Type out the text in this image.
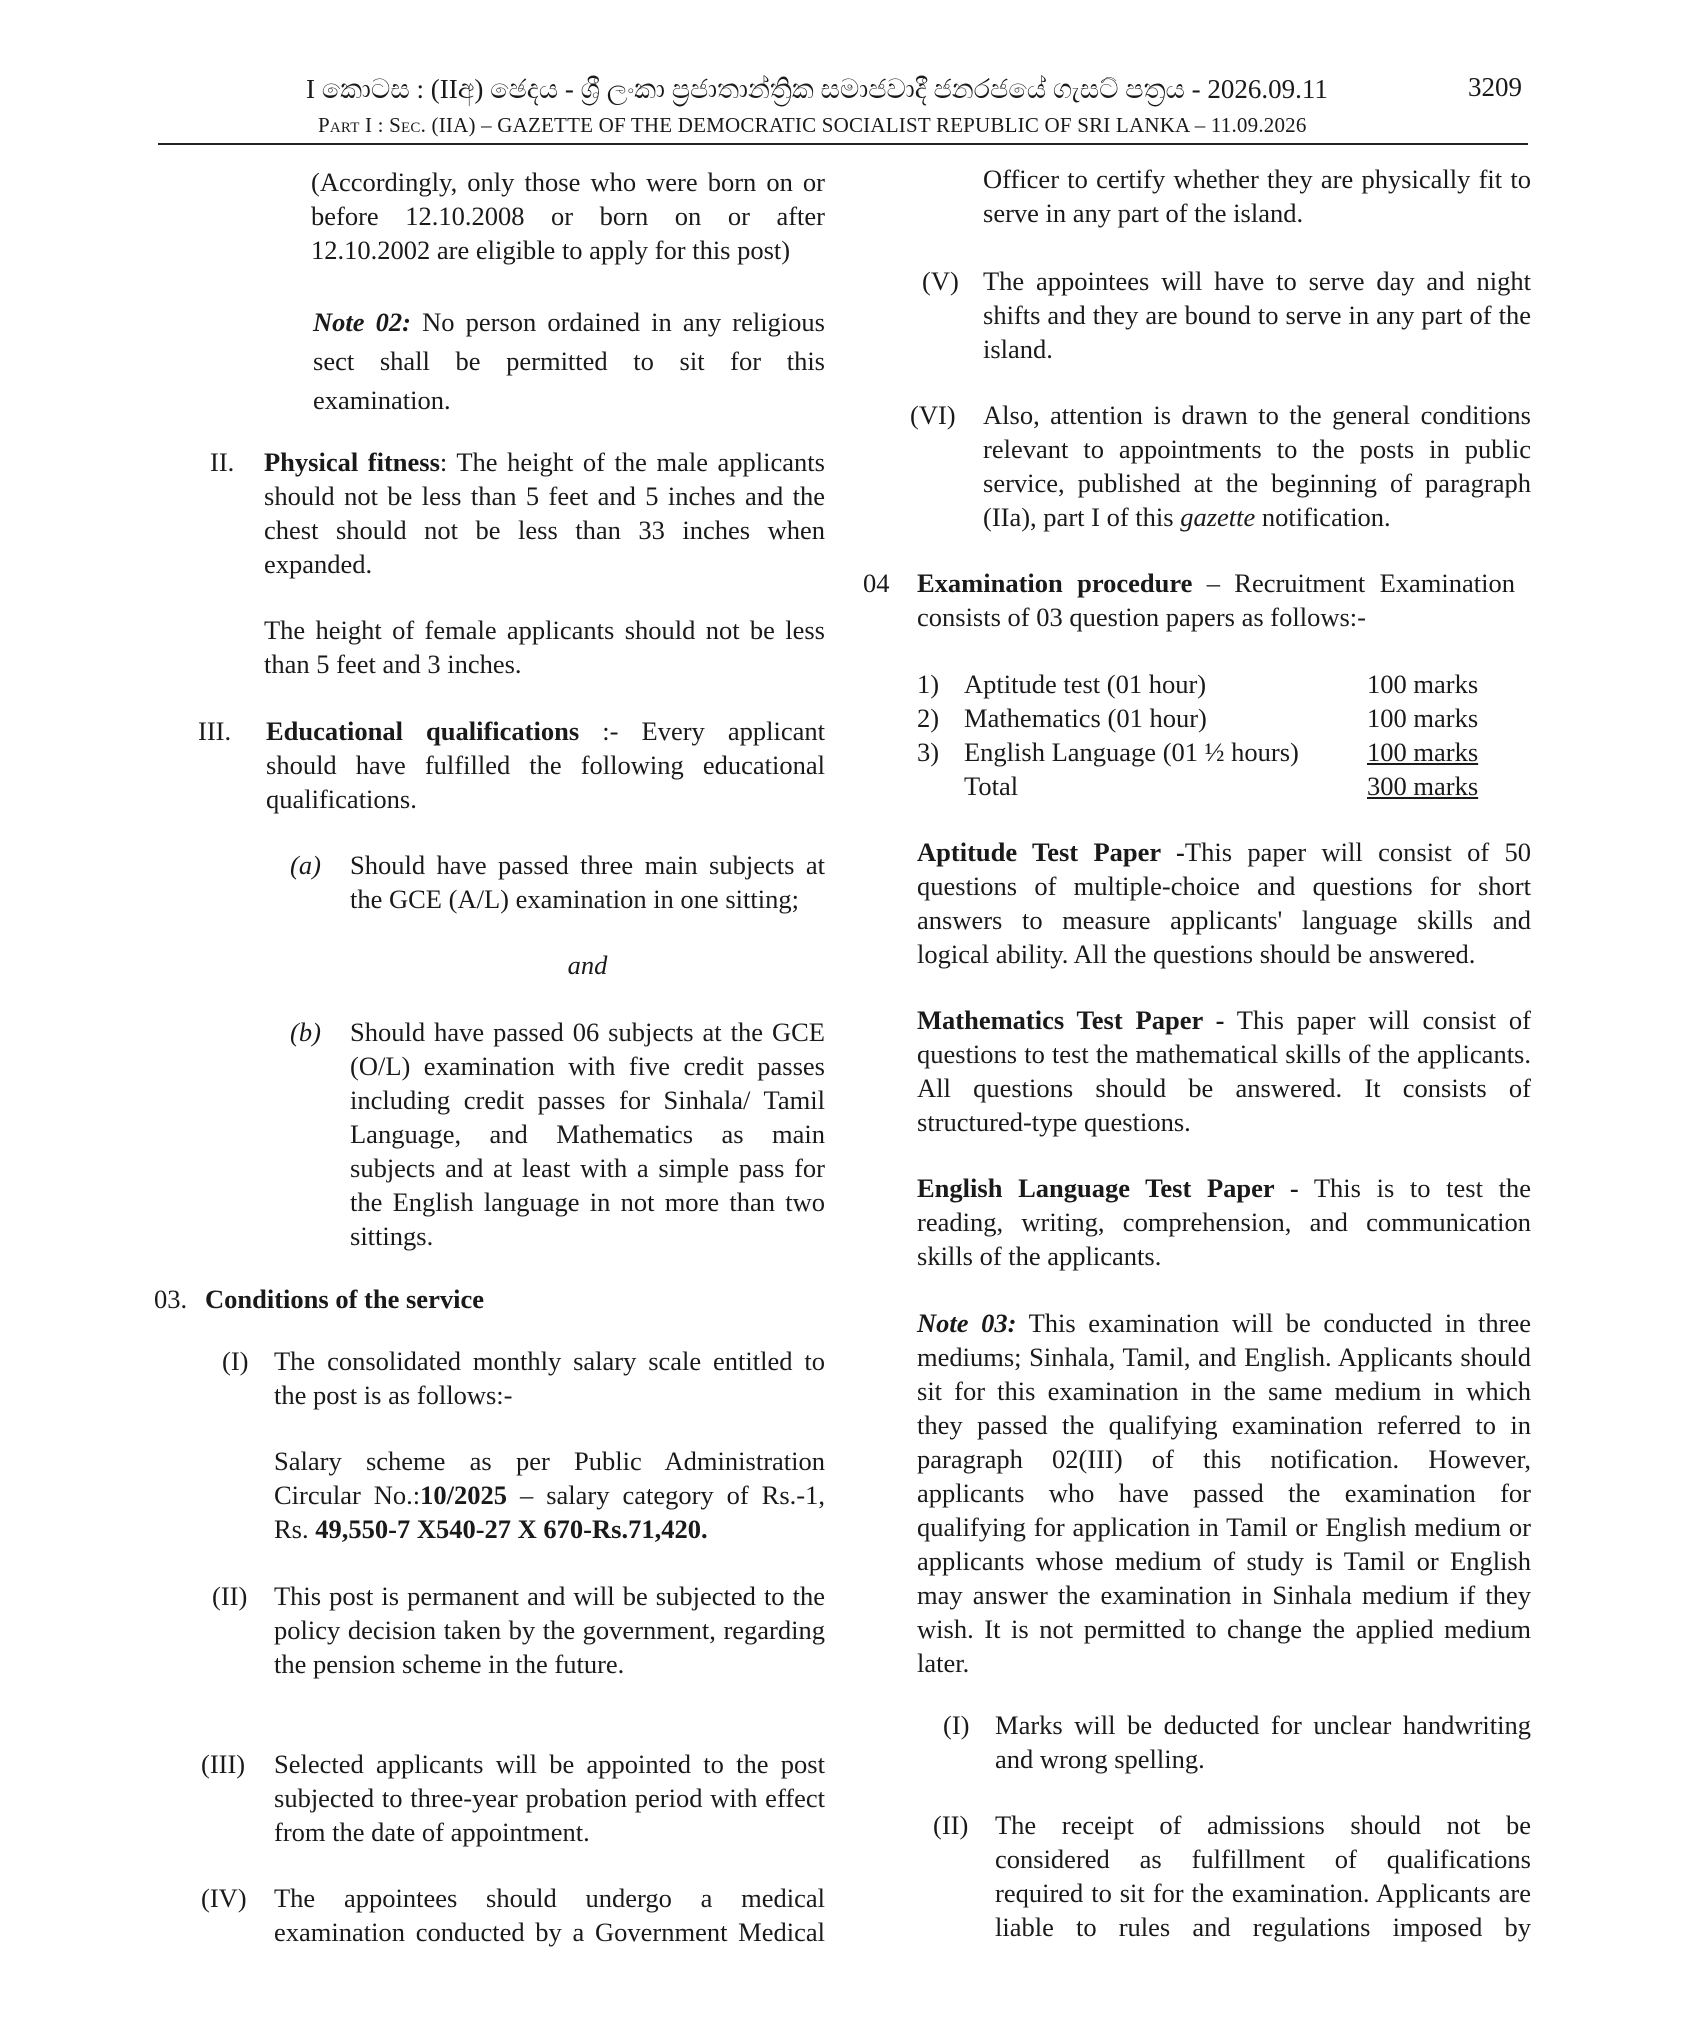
I කොටස : (IIඅ) ඡෙදය - ශ්‍රී ලංකා ප්‍රජාතාන්ත්‍රික සමාජවාදී ජනරජයේ ගැසට් පත්‍රය - 2026.09.11	3209
Part I : Sec. (IIA) – GAZETTE OF THE DEMOCRATIC SOCIALIST REPUBLIC OF SRI LANKA – 11.09.2026

(Accordingly, only those who were born on or before 12.10.2008 or born on or after 12.10.2002 are eligible to apply for this post)

Note 02: No person ordained in any religious sect shall be permitted to sit for this examination.

II. Physical fitness: The height of the male applicants should not be less than 5 feet and 5 inches and the chest should not be less than 33 inches when expanded.

The height of female applicants should not be less than 5 feet and 3 inches.

III. Educational qualifications :- Every applicant should have fulfilled the following educational qualifications.

(a) Should have passed three main subjects at the GCE (A/L) examination in one sitting;

and

(b) Should have passed 06 subjects at the GCE (O/L) examination with five credit passes including credit passes for Sinhala/ Tamil Language, and Mathematics as main subjects and at least with a simple pass for the English language in not more than two sittings.

03. Conditions of the service

(I) The consolidated monthly salary scale entitled to the post is as follows:-

Salary scheme as per Public Administration Circular No.:10/2025 – salary category of Rs.-1, Rs. 49,550-7 X540-27 X 670-Rs.71,420.

(II) This post is permanent and will be subjected to the policy decision taken by the government, regarding the pension scheme in the future.

(III) Selected applicants will be appointed to the post subjected to three-year probation period with effect from the date of appointment.

(IV) The appointees should undergo a medical examination conducted by a Government Medical

Officer to certify whether they are physically fit to serve in any part of the island.

(V) The appointees will have to serve day and night shifts and they are bound to serve in any part of the island.

(VI) Also, attention is drawn to the general conditions relevant to appointments to the posts in public service, published at the beginning of paragraph (IIa), part I of this gazette notification.

04 Examination procedure – Recruitment Examination consists of 03 question papers as follows:-

1)	Aptitude test (01 hour)	100 marks
2)	Mathematics (01 hour)	100 marks
3)	English Language (01 ½ hours)	100 marks
	Total	300 marks

Aptitude Test Paper -This paper will consist of 50 questions of multiple-choice and questions for short answers to measure applicants' language skills and logical ability. All the questions should be answered.

Mathematics Test Paper - This paper will consist of questions to test the mathematical skills of the applicants. All questions should be answered. It consists of structured-type questions.

English Language Test Paper - This is to test the reading, writing, comprehension, and communication skills of the applicants.

Note 03: This examination will be conducted in three mediums; Sinhala, Tamil, and English. Applicants should sit for this examination in the same medium in which they passed the qualifying examination referred to in paragraph 02(III) of this notification. However, applicants who have passed the examination for qualifying for application in Tamil or English medium or applicants whose medium of study is Tamil or English may answer the examination in Sinhala medium if they wish. It is not permitted to change the applied medium later.

(I) Marks will be deducted for unclear handwriting and wrong spelling.

(II) The receipt of admissions should not be considered as fulfillment of qualifications required to sit for the examination. Applicants are liable to rules and regulations imposed by
